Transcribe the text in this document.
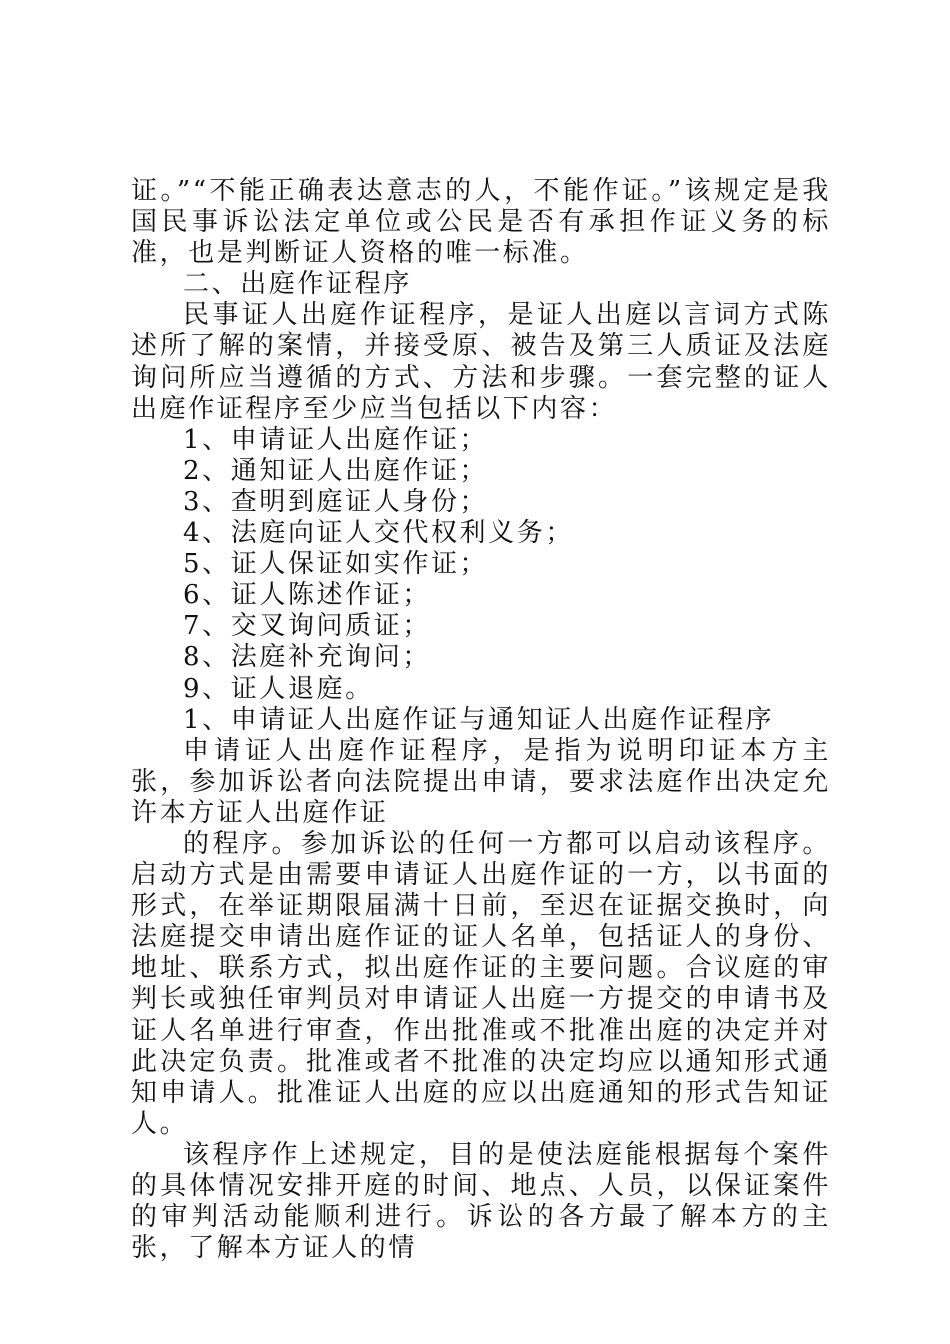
证。”“不能正确表达意志的人，不能作证。”该规定是我国民事诉讼法定单位或公民是否有承担作证义务的标准，也是判断证人资格的唯一标准。

二、出庭作证程序

民事证人出庭作证程序，是证人出庭以言词方式陈述所了解的案情，并接受原、被告及第三人质证及法庭询问所应当遵循的方式、方法和步骤。一套完整的证人出庭作证程序至少应当包括以下内容：

1、申请证人出庭作证；

2、通知证人出庭作证；

3、查明到庭证人身份；

4、法庭向证人交代权利义务；

5、证人保证如实作证；

6、证人陈述作证；

7、交叉询问质证；

8、法庭补充询问；

9、证人退庭。

1、申请证人出庭作证与通知证人出庭作证程序

申请证人出庭作证程序，是指为说明印证本方主张，参加诉讼者向法院提出申请，要求法庭作出决定允许本方证人出庭作证

的程序。参加诉讼的任何一方都可以启动该程序。启动方式是由需要申请证人出庭作证的一方，以书面的形式，在举证期限届满十日前，至迟在证据交换时，向法庭提交申请出庭作证的证人名单，包括证人的身份、地址、联系方式，拟出庭作证的主要问题。合议庭的审判长或独任审判员对申请证人出庭一方提交的申请书及证人名单进行审查，作出批准或不批准出庭的决定并对此决定负责。批准或者不批准的决定均应以通知形式通知申请人。批准证人出庭的应以出庭通知的形式告知证人。

该程序作上述规定，目的是使法庭能根据每个案件的具体情况安排开庭的时间、地点、人员，以保证案件的审判活动能顺利进行。诉讼的各方最了解本方的主张，了解本方证人的情
